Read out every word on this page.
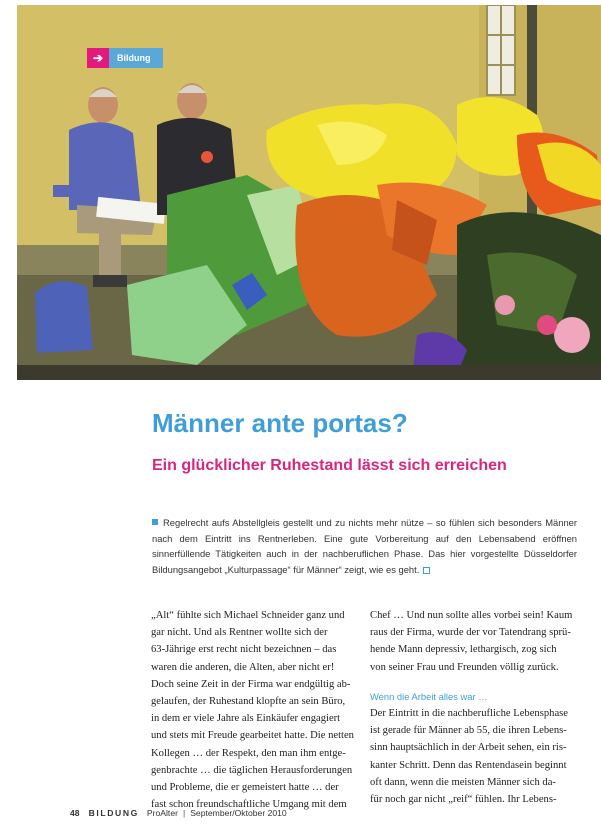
➔	Bildung
Männer ante portas?
Ein glücklicher Ruhestand lässt sich erreichen

Regelrecht aufs Abstellgleis gestellt und zu nichts mehr nütze – so fühlen sich besonders Männer nach dem Eintritt ins Rentnerleben. Eine gute Vorbereitung auf den Lebensabend eröffnen sinnerfüllende Tätigkeiten auch in der nachberuflichen Phase. Das hier vorgestellte Düsseldorfer Bildungsangebot „Kulturpassage“ für Männer“ zeigt, wie es geht.

„Alt“ fühlte sich Michael Schneider ganz und
gar nicht. Und als Rentner wollte sich der
63-Jährige erst recht nicht bezeichnen – das
waren die anderen, die Alten, aber nicht er!
Doch seine Zeit in der Firma war endgültig ab-
gelaufen, der Ruhestand klopfte an sein Büro,
in dem er viele Jahre als Einkäufer engagiert
und stets mit Freude gearbeitet hatte. Die netten
Kollegen … der Respekt, den man ihm entge-
genbrachte … die täglichen Herausforderungen
und Probleme, die er gemeistert hatte … der
fast schon freundschaftliche Umgang mit dem
Chef … Und nun sollte alles vorbei sein! Kaum
raus der Firma, wurde der vor Tatendrang sprü-
hende Mann depressiv, lethargisch, zog sich
von seiner Frau und Freunden völlig zurück.
Wenn die Arbeit alles war …
Der Eintritt in die nachberufliche Lebensphase
ist gerade für Männer ab 55, die ihren Lebens-
sinn hauptsächlich in der Arbeit sehen, ein ris-
kanter Schritt. Denn das Rentendasein beginnt
oft dann, wenn die meisten Männer sich da-
für noch gar nicht „reif“ fühlen. Ihr Lebens-
48 BILDUNG ProAlter | September/Oktober 2010
